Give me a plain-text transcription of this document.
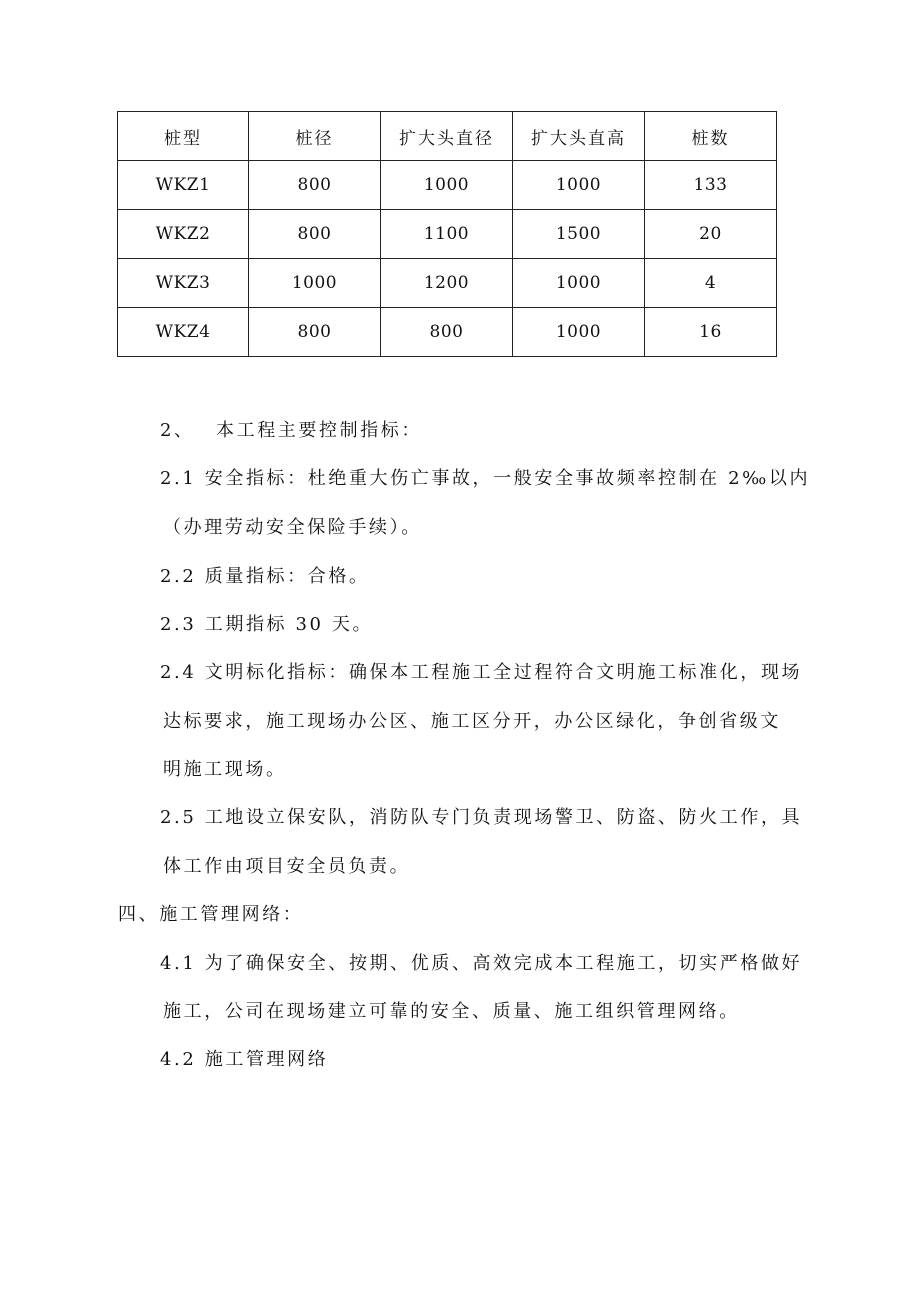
桩型	桩径	扩大头直径	扩大头直高	桩数
WKZ1	800	1000	1000	133
WKZ2	800	1100	1500	20
WKZ3	1000	1200	1000	4
WKZ4	800	800	1000	16
2、 本工程主要控制指标：
2.1 安全指标：杜绝重大伤亡事故，一般安全事故频率控制在 2‰以内
（办理劳动安全保险手续）。
2.2 质量指标：合格。
2.3 工期指标 30 天。
2.4 文明标化指标：确保本工程施工全过程符合文明施工标准化，现场
达标要求，施工现场办公区、施工区分开，办公区绿化，争创省级文
明施工现场。
2.5 工地设立保安队，消防队专门负责现场警卫、防盗、防火工作，具
体工作由项目安全员负责。
四、施工管理网络：
4.1 为了确保安全、按期、优质、高效完成本工程施工，切实严格做好
施工，公司在现场建立可靠的安全、质量、施工组织管理网络。
4.2 施工管理网络
